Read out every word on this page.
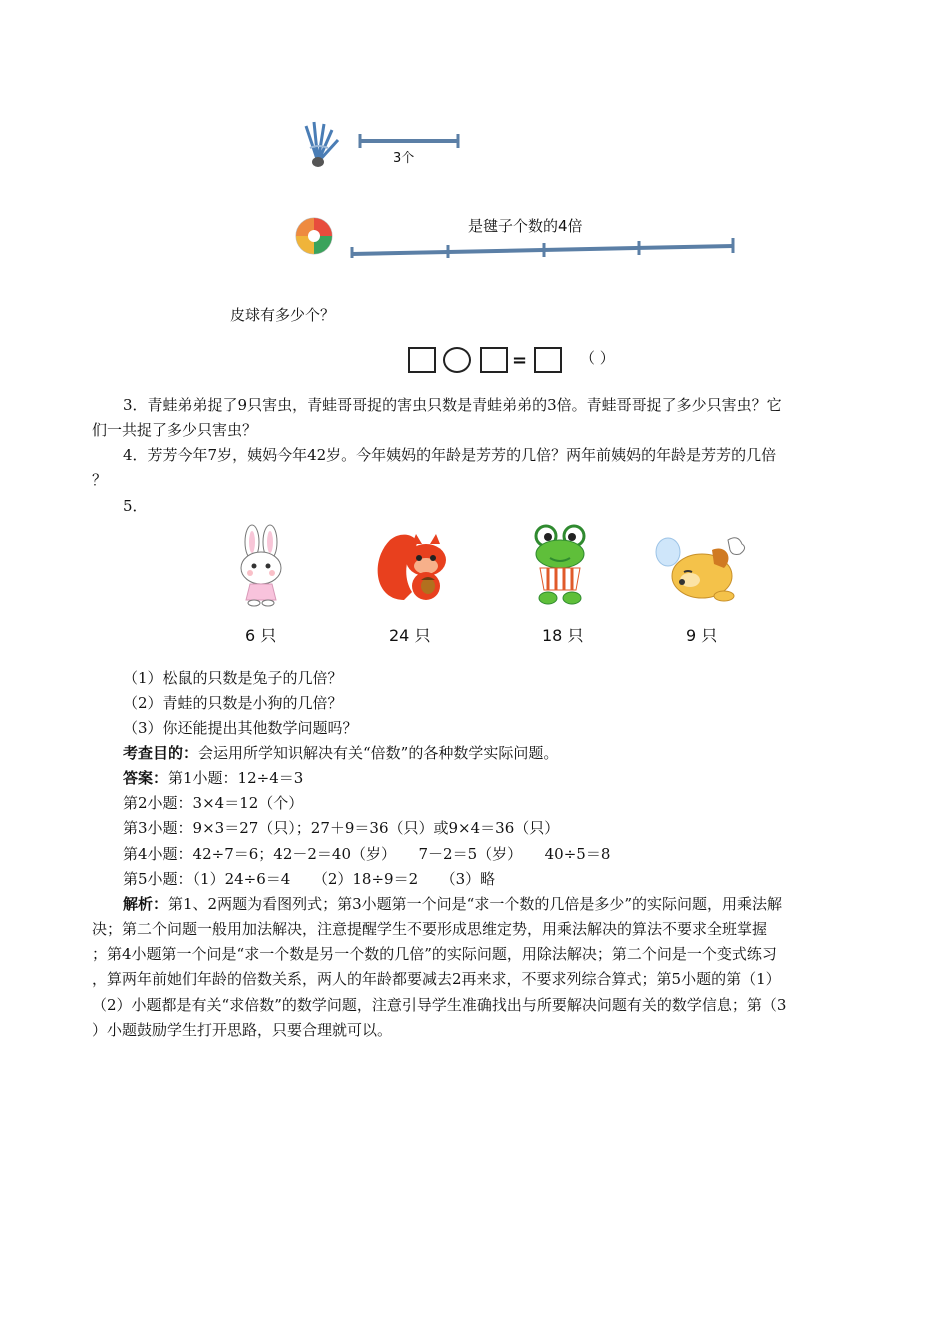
3个
是毽子个数的4倍
皮球有多少个？
=	（ ）
3．青蛙弟弟捉了9只害虫，青蛙哥哥捉的害虫只数是青蛙弟弟的3倍。青蛙哥哥捉了多少只害虫？它
们一共捉了多少只害虫？
4．芳芳今年7岁，姨妈今年42岁。今年姨妈的年龄是芳芳的几倍？两年前姨妈的年龄是芳芳的几倍
？
5．
6 只	24 只	18 只	9 只
（1）松鼠的只数是兔子的几倍？
（2）青蛙的只数是小狗的几倍？
（3）你还能提出其他数学问题吗？
考查目的：会运用所学知识解决有关“倍数”的各种数学实际问题。
答案：第1小题：12÷4＝3
第2小题：3×4＝12（个）
第3小题：9×3＝27（只）；27＋9＝36（只）或9×4＝36（只）
第4小题：42÷7＝6；42－2＝40（岁）　　7－2＝5（岁）　　40÷5＝8
第5小题：（1）24÷6＝4　　（2）18÷9＝2　　（3）略
解析：第1、2两题为看图列式；第3小题第一个问是“求一个数的几倍是多少”的实际问题，用乘法解
决；第二个问题一般用加法解决，注意提醒学生不要形成思维定势，用乘法解决的算法不要求全班掌握
；第4小题第一个问是“求一个数是另一个数的几倍”的实际问题，用除法解决；第二个问是一个变式练习
，算两年前她们年龄的倍数关系，两人的年龄都要减去2再来求，不要求列综合算式；第5小题的第（1）
（2）小题都是有关“求倍数”的数学问题，注意引导学生准确找出与所要解决问题有关的数学信息；第（3
）小题鼓励学生打开思路，只要合理就可以。
